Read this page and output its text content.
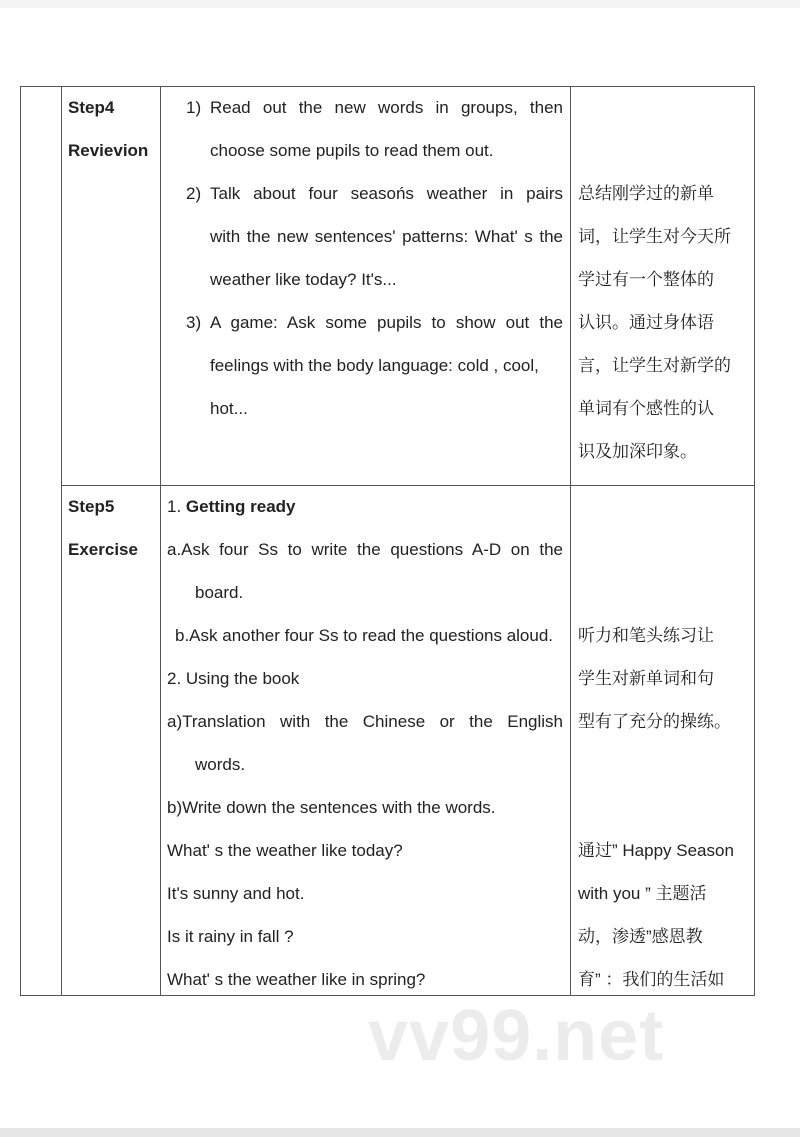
Step4
Revievion
1) Read out the new words in groups, then
choose some pupils to read them out.
2) Talk about four seasońs weather in pairs
with the new sentencesʹ patterns: Whatʹ s the
weather like today? Itʹs...
3) A game: Ask some pupils to show out the
feelings with the body language: cold , cool,
hot...
总结刚学过的新单
词，让学生对今天所
学过有一个整体的
认识。通过身体语
言，让学生对新学的
单词有个感性的认
识及加深印象。
Step5
Exercise
1. Getting ready
a.Ask four Ss to write the questions A-D on the
board.
b.Ask another four Ss to read the questions aloud.
2. Using the book
a)Translation with the Chinese or the English
words.
b)Write down the sentences with the words.
Whatʹ s the weather like today?
Itʹs sunny and hot.
Is it rainy in fall ?
Whatʹ s the weather like in spring?
听力和笔头练习让
学生对新单词和句
型有了充分的操练。
通过” Happy Season
with you ” 主题活
动，渗透”感恩教
育” ：我们的生活如
vv99.net
